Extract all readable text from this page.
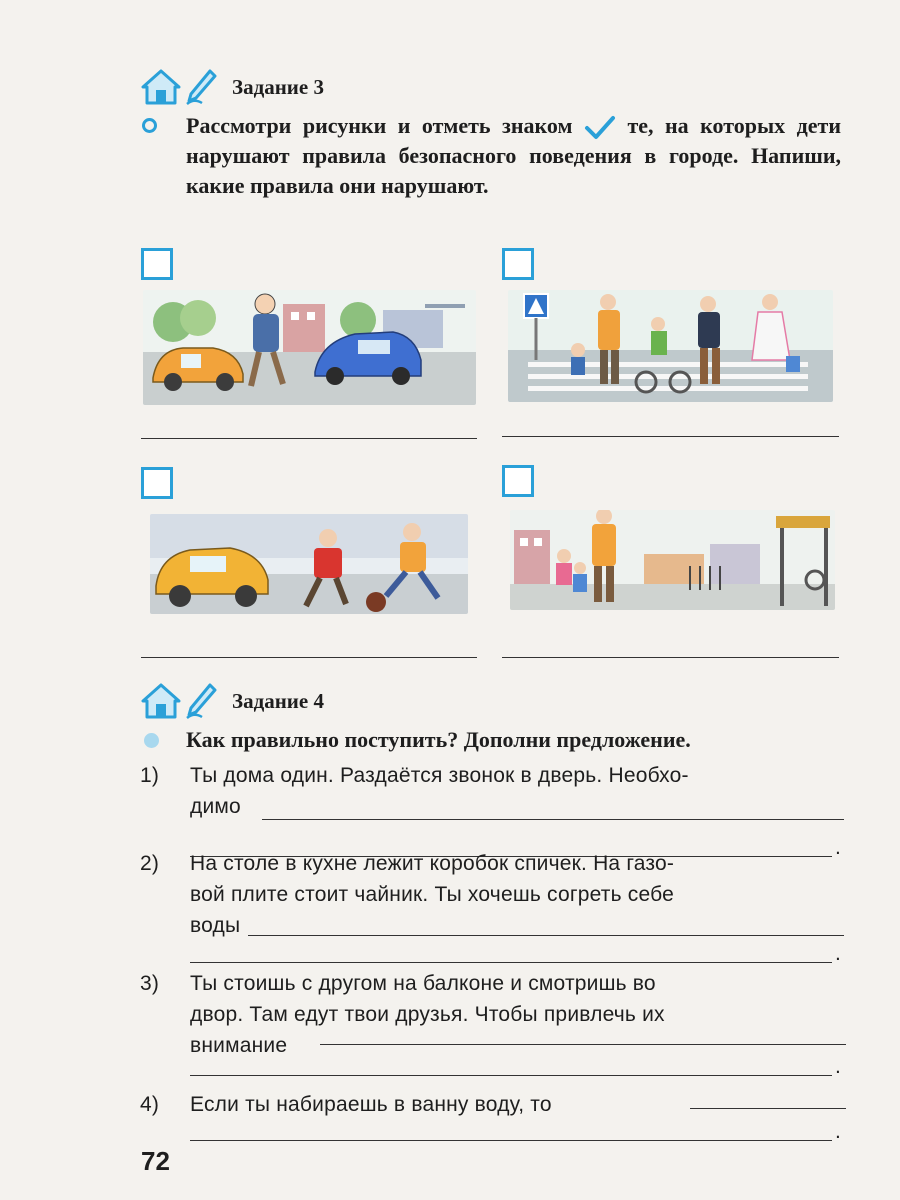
Задание 3
Рассмотри рисунки и отметь знаком те, на которых дети нарушают правила безопасного поведения в городе. Напиши, какие правила они нарушают.
Задание 4
Как правильно поступить? Дополни предложение.
1) Ты дома один. Раздаётся звонок в дверь. Необхо-
димо
.
2) На столе в кухне лежит коробок спичек. На газо-
вой плите стоит чайник. Ты хочешь согреть себе
воды
.
3) Ты стоишь с другом на балконе и смотришь во
двор. Там едут твои друзья. Чтобы привлечь их
внимание
.
4) Если ты набираешь в ванну воду, то
.
72
